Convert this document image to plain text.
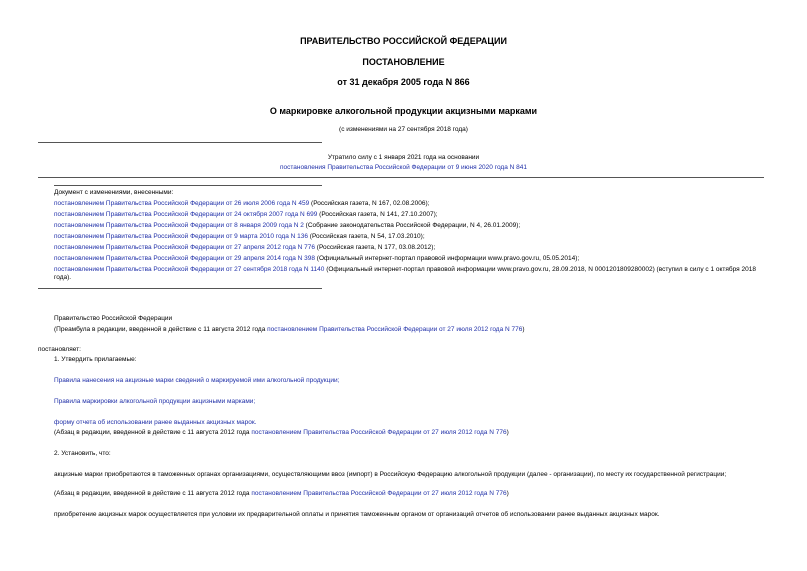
ПРАВИТЕЛЬСТВО РОССИЙСКОЙ ФЕДЕРАЦИИ
ПОСТАНОВЛЕНИЕ
от 31 декабря 2005 года N 866
О маркировке алкогольной продукции акцизными марками
(с изменениями на 27 сентября 2018 года)
Утратило силу с 1 января 2021 года на основании
постановления Правительства Российской Федерации от 9 июня 2020 года N 841
Документ с изменениями, внесенными:
постановлением Правительства Российской Федерации от 26 июля 2006 года N 459 (Российская газета, N 167, 02.08.2006);
постановлением Правительства Российской Федерации от 24 октября 2007 года N 699 (Российская газета, N 141, 27.10.2007);
постановлением Правительства Российской Федерации от 8 января 2009 года N 2 (Собрание законодательства Российской Федерации, N 4, 26.01.2009);
постановлением Правительства Российской Федерации от 9 марта 2010 года N 136 (Российская газета, N 54, 17.03.2010);
постановлением Правительства Российской Федерации от 27 апреля 2012 года N 776 (Российская газета, N 177, 03.08.2012);
постановлением Правительства Российской Федерации от 29 апреля 2014 года N 398 (Официальный интернет-портал правовой информации www.pravo.gov.ru, 05.05.2014);
постановлением Правительства Российской Федерации от 27 сентября 2018 года N 1140 (Официальный интернет-портал правовой информации www.pravo.gov.ru, 28.09.2018, N 0001201809280002) (вступил в силу с 1 октября 2018 года).
Правительство Российской Федерации
(Преамбула в редакции, введенной в действие с 11 августа 2012 года постановлением Правительства Российской Федерации от 27 июля 2012 года N 776)
постановляет:
1. Утвердить прилагаемые:
Правила нанесения на акцизные марки сведений о маркируемой ими алкогольной продукции;
Правила маркировки алкогольной продукции акцизными марками;
форму отчета об использовании ранее выданных акцизных марок.
(Абзац в редакции, введенной в действие с 11 августа 2012 года постановлением Правительства Российской Федерации от 27 июля 2012 года N 776)
2. Установить, что:
акцизные марки приобретаются в таможенных органах организациями, осуществляющими ввоз (импорт) в Российскую Федерацию алкогольной продукции (далее - организации), по месту их государственной регистрации;
(Абзац в редакции, введенной в действие с 11 августа 2012 года постановлением Правительства Российской Федерации от 27 июля 2012 года N 776)
приобретение акцизных марок осуществляется при условии их предварительной оплаты и принятия таможенным органом от организаций отчетов об использовании ранее выданных акцизных марок.
